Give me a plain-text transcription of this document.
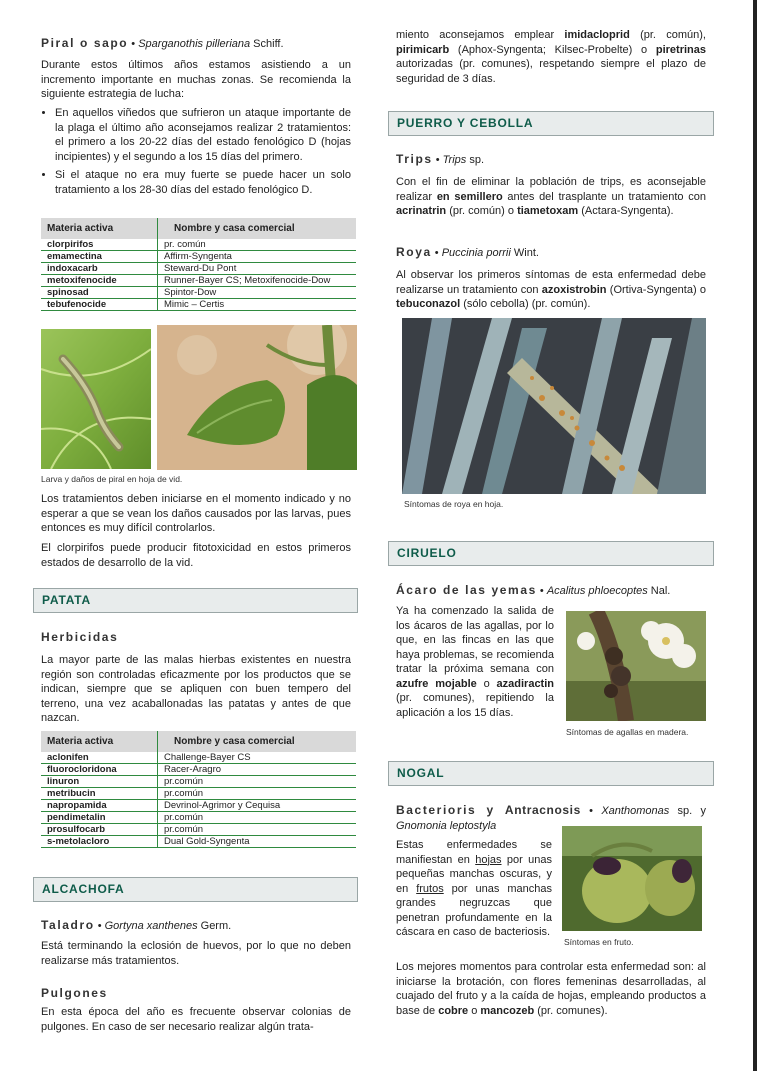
Piral o sapo • Sparganothis pilleriana Schiff.

Durante estos últimos años estamos asistiendo a un incremento importante en muchas zonas. Se recomienda la siguiente estrategia de lucha:

• En aquellos viñedos que sufrieron un ataque importante de la plaga el último año aconsejamos realizar 2 tratamientos: el primero a los 20-22 días del estado fenológico D (hojas incipientes) y el segundo a los 15 días del primero.
• Si el ataque no era muy fuerte se puede hacer un solo tratamiento a los 28-30 días del estado fenológico D.
Materia activa	Nombre y casa comercial
clorpirifos	pr. común
emamectina	Affirm-Syngenta
indoxacarb	Steward-Du Pont
metoxifenocide	Runner-Bayer CS; Metoxifenocide-Dow
spinosad	Spintor-Dow
tebufenocide	Mimic – Certis
Larva y daños de piral en hoja de vid.

Los tratamientos deben iniciarse en el momento indicado y no esperar a que se vean los daños causados por las larvas, pues entonces es muy difícil controlarlos.

El clorpirifos puede producir fitotoxicidad en estos primeros estados de desarrollo de la vid.

PATATA
Herbicidas

La mayor parte de las malas hierbas existentes en nuestra región son controladas eficazmente por los productos que se indican, siempre que se apliquen con buen tempero del terreno, una vez acaballonadas las patatas y antes de que nazcan.

Materia activa	Nombre y casa comercial
aclonifen	Challenge-Bayer CS
fluorocloridona	Racer-Aragro
linuron	pr.común
metribucin	pr.común
napropamida	Devrinol-Agrimor y Cequisa
pendimetalin	pr.común
prosulfocarb	pr.común
s-metolacloro	Dual Gold-Syngenta
ALCACHOFA
Taladro • Gortyna xanthenes Germ.

Está terminando la eclosión de huevos, por lo que no deben realizarse más tratamientos.

Pulgones

En esta época del año es frecuente observar colonias de pulgones. En caso de ser necesario realizar algún trata-

miento aconsejamos emplear imidacloprid (pr. común), pirimicarb (Aphox-Syngenta; Kilsec-Probelte) o piretrinas autorizadas (pr. comunes), respetando siempre el plazo de seguridad de 3 días.

PUERRO Y CEBOLLA
Trips • Trips sp.

Con el fin de eliminar la población de trips, es aconsejable realizar en semillero antes del trasplante un tratamiento con acrinatrin (pr. común) o tiametoxam (Actara-Syngenta).

Roya • Puccinia porrii Wint.

Al observar los primeros síntomas de esta enfermedad debe realizarse un tratamiento con azoxistrobin (Ortiva-Syngenta) o tebuconazol (sólo cebolla) (pr. común).

Síntomas de roya en hoja.
CIRUELO
Ácaro de las yemas • Acalitus phloecoptes Nal.

Ya ha comenzado la salida de los ácaros de las agallas, por lo que, en las fincas en las que haya problemas, se recomienda tratar la próxima semana con azufre mojable o azadiractin (pr. comunes), repitiendo la aplicación a los 15 días.

Síntomas de agallas en madera.
NOGAL
Bacterioris y Antracnosis • Xanthomonas sp. y Gnomonia leptostyla

Estas enfermedades se manifiestan en hojas por unas pequeñas manchas oscuras, y en frutos por unas manchas grandes negruzcas que penetran profundamente en la cáscara en caso de bacteriosis.

Síntomas en fruto.

Los mejores momentos para controlar esta enfermedad son: al iniciarse la brotación, con flores femeninas desarrolladas, al cuajado del fruto y a la caída de hojas, empleando productos a base de cobre o mancozeb (pr. comunes).
